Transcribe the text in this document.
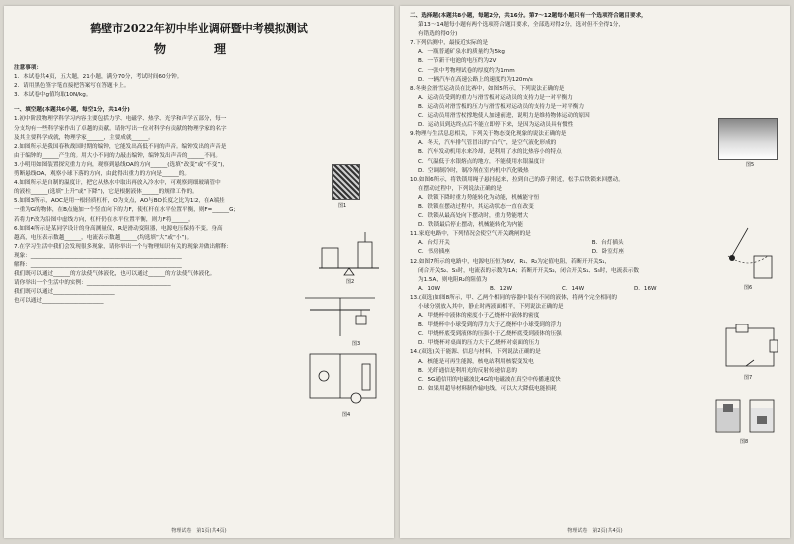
鹤壁市2022年初中毕业调研暨中考模拟测试
物　理
注意事项：
1．本试卷共4页，五大题，21小题，满分70分，考试时间60分钟。
2．请用黑色签字笔直接把答案写在答题卡上。
3．本试卷中g值均取10N/kg。
一、填空题(本题共6小题，每空1分，共14分)
1.初中阶段物理学科学习内容主要包括力学、电磁学、热学、光学和声学五部分，每一
分支均有一些科学家作出了卓越的贡献。请你写出一位对科学有贡献的物理学家的名字
及其主要科学成就，物理学家______，主要成就______。
2.如图所示是我国春秋战国时期的编钟，它能发出高低不同的声音。编钟发出的声音是
由于编钟的______产生的。用大小不同的力敲击编钟，编钟发出声音的______不同。
3.小明用如图装置探究重力方向，观察到悬线OA的方向______(选填“改变”或“不变”)，
剪断悬线OA，观察小球下落的方向，由此得出重力的方向是______的。
4.如图所示是自制的温度计，把它从热水中取出再放入冷水中，可观察到细玻璃管中
的液柱______(选填“上升”或“下降”)，它是根据液体______的规律工作的。
5.如图3所示，AOC是用一根轻质杠杆，O为支点，AO与BO长度之比为1∶2，在A端挂
一重为G的物体，在B点施加一个竖直向下的力F，使杠杆在水平位置平衡，则F=______G；
若将力F改为沿图中虚线方向，杠杆仍在水平位置平衡，则力F将______。
6.如图4所示是某同学设计的身高测量仪，R是滑动变阻器，电源电压保持不变。身高
越高，电压表示数越______，电流表示数越______(均选填“大”或“小”)。
7.在学习生活中我们会发现很多现象，请你举出一个与物理知识有关的现象并做出解释：
现象：______________________________________________________
解释：______________________________________________________
我们既可以通过______的方法使气体液化，也可以通过______的方法使气体液化。
请你举出一个生活中的实例：______________________________
我们既可以通过______________________
也可以通过______________________
图1
图2
图3
图4
物理试卷　第1页(共4页)
二、选择题(本题共8小题，每题2分，共16分。第7～12题每小题只有一个选项符合题目要求，
第13～14题每小题有两个选项符合题目要求，全部选对得2分，选对但不全得1分，
有错选的得0分)
7.下列估测中，最接近实际的是
A．一瓶普通矿泉水的质量约为5kg
B．一节新干电池的电压约为2V
C．一张中考物理试卷的厚度约为1mm
D．一辆汽车在高速公路上的速度约为120m/s
8.冬奥会滑雪运动员在比赛中，如图5所示，下列说法正确的是
A．运动员受到的重力与滑雪板对运动员的支持力是一对平衡力
B．运动员对滑雪板的压力与滑雪板对运动员的支持力是一对平衡力
C．运动员用滑雪杖撑地使人加速前进，说明力是维持物体运动的原因
D．运动员到达终点后不能立即停下来，是因为运动员具有惯性
9.物理与生活息息相关，下列关于物态变化现象的说法正确的是
A．冬天，汽车排气管冒出的“白气”，是空气液化形成的
B．汽车发动机用水来冷却，是利用了水的比热容小的特点
C．气温低于水银熔点的地方，不能使用水银温度计
D．空调制冷时，制冷剂在室内机中汽化吸热
10.如图6所示，将铁锁用绳子悬挂起来，拉到自己的鼻子附近，松手后铁锁来回摆动。
在摆动过程中，下列说法正确的是
A．铁锁下降时重力势能转化为动能，机械能守恒
B．铁锁在摆动过程中，其运动状态一直在改变
C．铁锁从最高处向下摆动时，重力势能增大
D．铁锁最后停止摆动，机械能转化为内能
11.家庭电路中，下列情况会使空气开关跳闸的是
A．台灯开关	B．台灯插头
C．书房插座	D．卧室灯座
12.如图7所示的电路中，电源电压恒为6V，R₁、R₂为定值电阻，若断开开关S₁，
闭合开关S₂、S₃时，电流表的示数为1A；若断开开关S₂，闭合开关S₁、S₃时，电流表示数
为1.5A，则电阻R₂的阻值为
A．10W	B．12W	C．14W	D．16W
13.(双选)如图8所示，甲、乙两个相同的容器中装有不同的液体，将两个完全相同的
小球分别放入其中，静止时两液面相平，下列说法正确的是
A．甲烧杯中液体的密度小于乙烧杯中液体的密度
B．甲烧杯中小球受到的浮力大于乙烧杯中小球受到的浮力
C．甲烧杯底受到液体的压强小于乙烧杯底受到液体的压强
D．甲烧杯对桌面的压力大于乙烧杯对桌面的压力
14.(双选)关于能源、信息与材料，下列说法正确的是
A．核能是可再生能源，核电站利用核裂变发电
B．光纤通信是利用光的反射传递信息的
C．5G通信用的电磁波比4G的电磁波在真空中传播速度快
D．如果用超导材料制作输电线，可以大大降低电能损耗
图5
图6
图7
图8
物理试卷　第2页(共4页)
